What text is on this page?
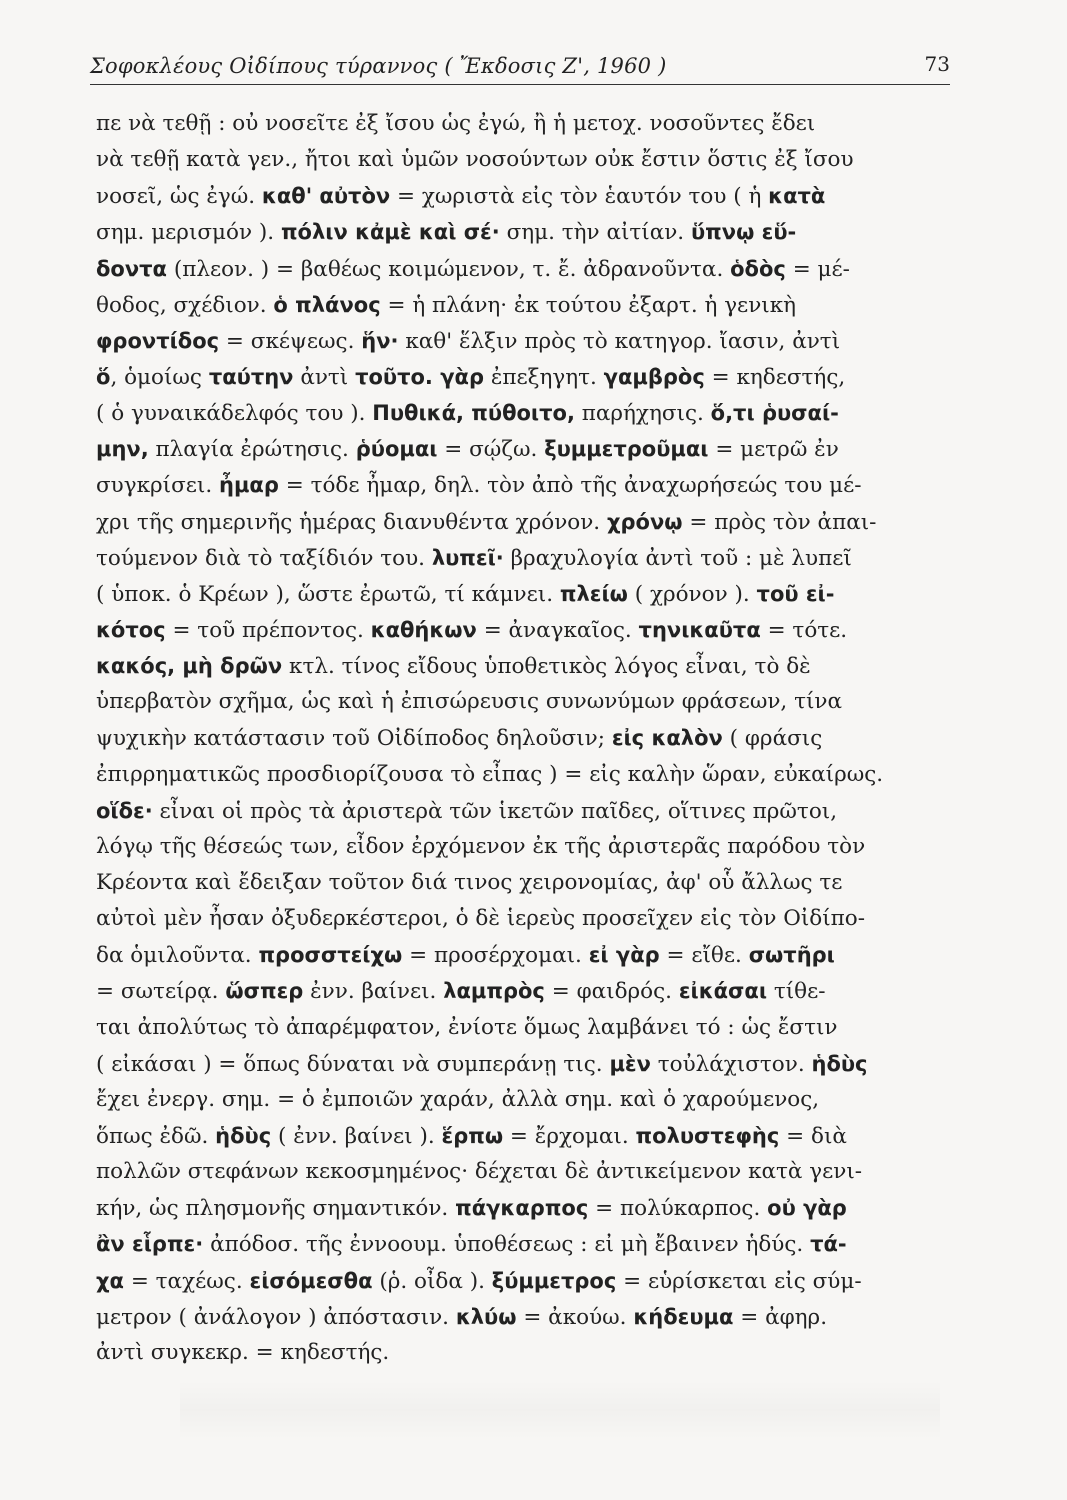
Σοφοκλέους Οἰδίπους τύραννος ( Ἔκδοσις Ζ', 1960 )	73
πε νὰ τεθῇ : οὐ νοσεῖτε ἐξ ἴσου ὡς ἐγώ, ἢ ἡ μετοχ. νοσοῦντες ἔδει
νὰ τεθῇ κατὰ γεν., ἤτοι καὶ ὑμῶν νοσούντων οὐκ ἔστιν ὅστις ἐξ ἴσου
νοσεῖ, ὡς ἐγώ. καθ' αὐτὸν = χωριστὰ εἰς τὸν ἑαυτόν του ( ἡ κατὰ
σημ. μερισμόν ). πόλιν κἀμὲ καὶ σέ· σημ. τὴν αἰτίαν. ὕπνῳ εὕ-
δοντα (πλεον. ) = βαθέως κοιμώμενον, τ. ἔ. ἀδρανοῦντα. ὁδὸς = μέ-
θοδος, σχέδιον. ὁ πλάνος = ἡ πλάνη· ἐκ τούτου ἐξαρτ. ἡ γενικὴ
φροντίδος = σκέψεως. ἥν· καθ' ἕλξιν πρὸς τὸ κατηγορ. ἴασιν, ἀντὶ
ὅ, ὁμοίως ταύτην ἀντὶ τοῦτο. γὰρ ἐπεξηγητ. γαμβρὸς = κηδεστής,
( ὁ γυναικάδελφός του ). Πυθικά, πύθοιτο, παρήχησις. ὅ,τι ῥυσαί-
μην, πλαγία ἐρώτησις. ῥύομαι = σῴζω. ξυμμετροῦμαι = μετρῶ ἐν
συγκρίσει. ἦμαρ = τόδε ἦμαρ, δηλ. τὸν ἀπὸ τῆς ἀναχωρήσεώς του μέ-
χρι τῆς σημερινῆς ἡμέρας διανυθέντα χρόνον. χρόνῳ = πρὸς τὸν ἀπαι-
τούμενον διὰ τὸ ταξίδιόν του. λυπεῖ· βραχυλογία ἀντὶ τοῦ : μὲ λυπεῖ
( ὑποκ. ὁ Κρέων ), ὥστε ἐρωτῶ, τί κάμνει. πλείω ( χρόνον ). τοῦ εἰ-
κότος = τοῦ πρέποντος. καθήκων = ἀναγκαῖος. τηνικαῦτα = τότε.
κακός, μὴ δρῶν κτλ. τίνος εἴδους ὑποθετικὸς λόγος εἶναι, τὸ δὲ
ὑπερβατὸν σχῆμα, ὡς καὶ ἡ ἐπισώρευσις συνωνύμων φράσεων, τίνα
ψυχικὴν κατάστασιν τοῦ Οἰδίποδος δηλοῦσιν; εἰς καλὸν ( φράσις
ἐπιρρηματικῶς προσδιορίζουσα τὸ εἶπας ) = εἰς καλὴν ὥραν, εὐκαίρως.
οἵδε· εἶναι οἱ πρὸς τὰ ἀριστερὰ τῶν ἱκετῶν παῖδες, οἵτινες πρῶτοι,
λόγῳ τῆς θέσεώς των, εἶδον ἐρχόμενον ἐκ τῆς ἀριστερᾶς παρόδου τὸν
Κρέοντα καὶ ἔδειξαν τοῦτον διά τινος χειρονομίας, ἀφ' οὗ ἄλλως τε
αὐτοὶ μὲν ἦσαν ὀξυδερκέστεροι, ὁ δὲ ἱερεὺς προσεῖχεν εἰς τὸν Οἰδίπο-
δα ὁμιλοῦντα. προσστείχω = προσέρχομαι. εἰ γὰρ = εἴθε. σωτῆρι
= σωτείρᾳ. ὥσπερ ἐνν. βαίνει. λαμπρὸς = φαιδρός. εἰκάσαι τίθε-
ται ἀπολύτως τὸ ἀπαρέμφατον, ἐνίοτε ὅμως λαμβάνει τό : ὡς ἔστιν
( εἰκάσαι ) = ὅπως δύναται νὰ συμπεράνῃ τις. μὲν τοὐλάχιστον. ἡδὺς
ἔχει ἐνεργ. σημ. = ὁ ἐμποιῶν χαράν, ἀλλὰ σημ. καὶ ὁ χαρούμενος,
ὅπως ἐδῶ. ἡδὺς ( ἐνν. βαίνει ). ἕρπω = ἔρχομαι. πολυστεφὴς = διὰ
πολλῶν στεφάνων κεκοσμημένος· δέχεται δὲ ἀντικείμενον κατὰ γενι-
κήν, ὡς πλησμονῆς σημαντικόν. πάγκαρπος = πολύκαρπος. οὐ γὰρ
ἂν εἷρπε· ἀπόδοσ. τῆς ἐννοουμ. ὑποθέσεως : εἰ μὴ ἔβαινεν ἡδύς. τά-
χα = ταχέως. εἰσόμεσθα (ῥ. οἶδα ). ξύμμετρος = εὑρίσκεται εἰς σύμ-
μετρον ( ἀνάλογον ) ἀπόστασιν. κλύω = ἀκούω. κήδευμα = ἀφηρ.
ἀντὶ συγκεκρ. = κηδεστής.
